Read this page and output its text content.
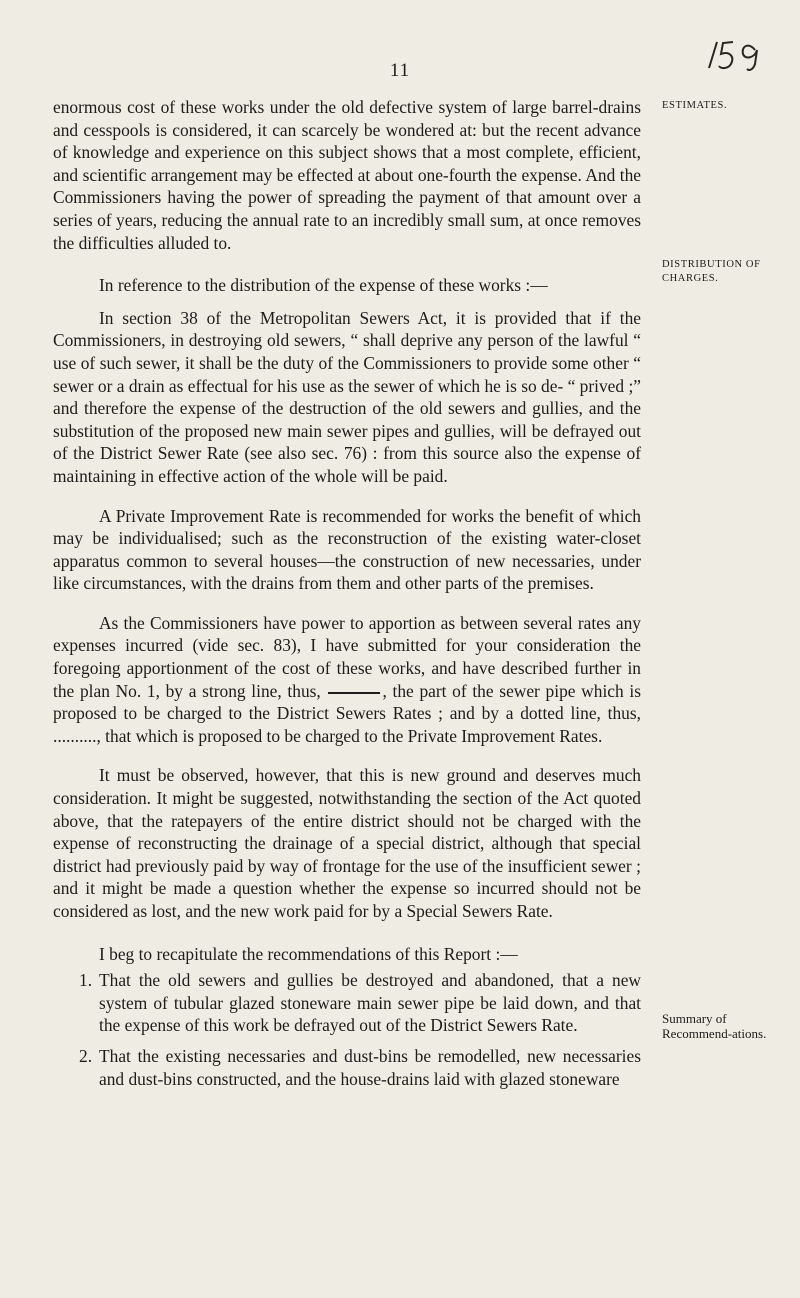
159
11
ESTIMATES.
DISTRIBUTION OF CHARGES.
Summary of Recommend-ations.

enormous cost of these works under the old defective system of large barrel-drains and cesspools is considered, it can scarcely be wondered at: but the recent advance of knowledge and experience on this subject shows that a most complete, efficient, and scientific arrangement may be effected at about one-fourth the expense. And the Commissioners having the power of spreading the payment of that amount over a series of years, reducing the annual rate to an incredibly small sum, at once removes the difficulties alluded to.

In reference to the distribution of the expense of these works :—

In section 38 of the Metropolitan Sewers Act, it is provided that if the Commissioners, in destroying old sewers, “ shall deprive any person of the lawful “ use of such sewer, it shall be the duty of the Commissioners to provide some other “ sewer or a drain as effectual for his use as the sewer of which he is so de- “ prived ;” and therefore the expense of the destruction of the old sewers and gullies, and the substitution of the proposed new main sewer pipes and gullies, will be defrayed out of the District Sewer Rate (see also sec. 76) : from this source also the expense of maintaining in effective action of the whole will be paid.

A Private Improvement Rate is recommended for works the benefit of which may be individualised; such as the reconstruction of the existing water-closet apparatus common to several houses—the construction of new necessaries, under like circumstances, with the drains from them and other parts of the premises.

As the Commissioners have power to apportion as between several rates any expenses incurred (vide sec. 83), I have submitted for your consideration the foregoing apportionment of the cost of these works, and have described further in the plan No. 1, by a strong line, thus,	, the part of the sewer pipe which is proposed to be charged to the District Sewers Rates ; and by a dotted line, thus, .........., that which is proposed to be charged to the Private Improvement Rates.

It must be observed, however, that this is new ground and deserves much consideration. It might be suggested, notwithstanding the section of the Act quoted above, that the ratepayers of the entire district should not be charged with the expense of reconstructing the drainage of a special district, although that special district had previously paid by way of frontage for the use of the insufficient sewer ; and it might be made a question whether the expense so incurred should not be considered as lost, and the new work paid for by a Special Sewers Rate.

I beg to recapitulate the recommendations of this Report :—

1. That the old sewers and gullies be destroyed and abandoned, that a new system of tubular glazed stoneware main sewer pipe be laid down, and that the expense of this work be defrayed out of the District Sewers Rate.
2. That the existing necessaries and dust-bins be remodelled, new necessaries and dust-bins constructed, and the house-drains laid with glazed stoneware
